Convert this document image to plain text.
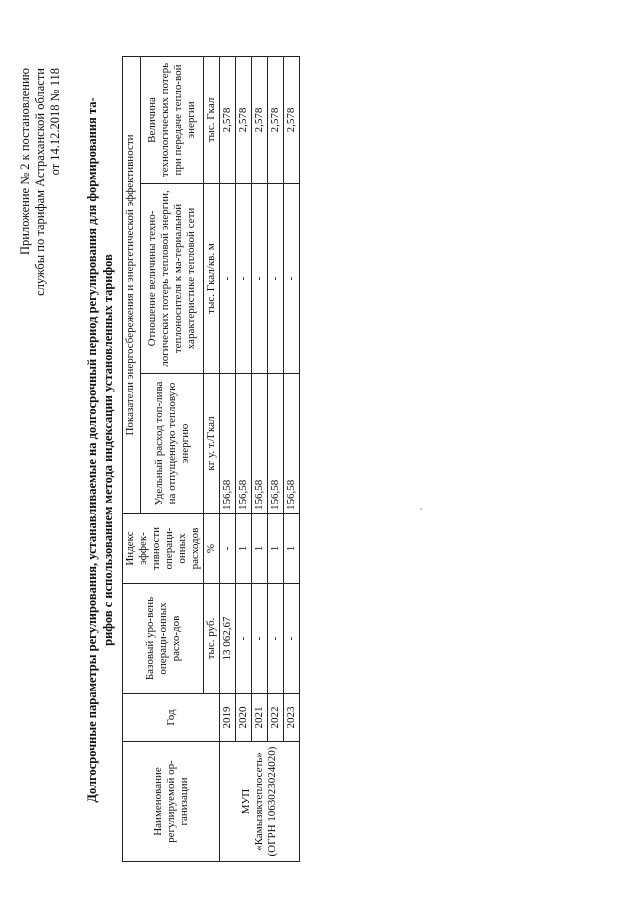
Приложение № 2 к постановлению службы по тарифам Астраханской области от 14.12.2018 № 118 Долгосрочные параметры регулирования, устанавливаемые на долгосрочный период регулирования для формирования та- рифов с использованием метода индексации установленных тарифов
Наименование регулируемой ор-ганизации	Год	Базовый уро-вень операци-онных расхо-дов	Индекс эффек-тивности операци-онных расходов	Показатели энергосбережения и энергетической эффективности		
				Удельный расход топ-лива на отпущенную тепловую энергию	Отношение величины техно-логических потерь тепловой энергии, теплоносителя к ма-териальной характеристике тепловой сети	Величина технологических потерь при передаче тепло-вой энергии
		тыс. руб.	%	кг у. т./Гкал	тыс. Гкал/кв. м	тыс. Гкал
МУП «Камызяктеплосеть» (ОГРН 1063023024020)	2019	13 062,67	-	156,58	-	2,578
	2020	-	1	156,58	-	2,578
	2021	-	1	156,58	-	2,578
	2022	-	1	156,58	-	2,578
	2023	-	1	156,58	-	2,578
